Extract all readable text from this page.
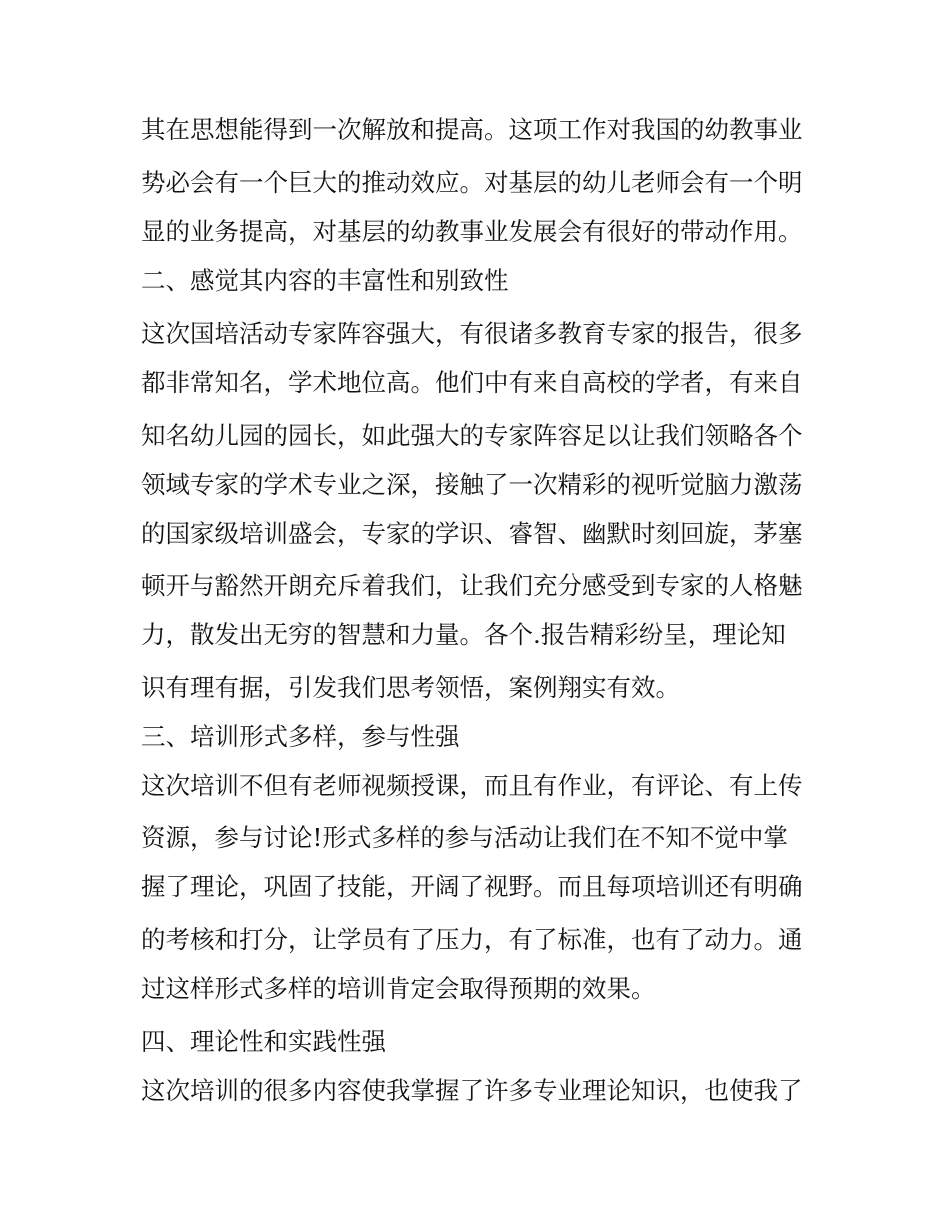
其在思想能得到一次解放和提高。这项工作对我国的幼教事业
势必会有一个巨大的推动效应。对基层的幼儿老师会有一个明
显的业务提高，对基层的幼教事业发展会有很好的带动作用。
二、感觉其内容的丰富性和别致性
这次国培活动专家阵容强大，有很诸多教育专家的报告，很多
都非常知名，学术地位高。他们中有来自高校的学者，有来自
知名幼儿园的园长，如此强大的专家阵容足以让我们领略各个
领域专家的学术专业之深，接触了一次精彩的视听觉脑力激荡
的国家级培训盛会，专家的学识、睿智、幽默时刻回旋，茅塞
顿开与豁然开朗充斥着我们，让我们充分感受到专家的人格魅
力，散发出无穷的智慧和力量。各个.报告精彩纷呈，理论知
识有理有据，引发我们思考领悟，案例翔实有效。
三、培训形式多样，参与性强
这次培训不但有老师视频授课，而且有作业，有评论、有上传
资源，参与讨论!形式多样的参与活动让我们在不知不觉中掌
握了理论，巩固了技能，开阔了视野。而且每项培训还有明确
的考核和打分，让学员有了压力，有了标准，也有了动力。通
过这样形式多样的培训肯定会取得预期的效果。
四、理论性和实践性强
这次培训的很多内容使我掌握了许多专业理论知识，也使我了
